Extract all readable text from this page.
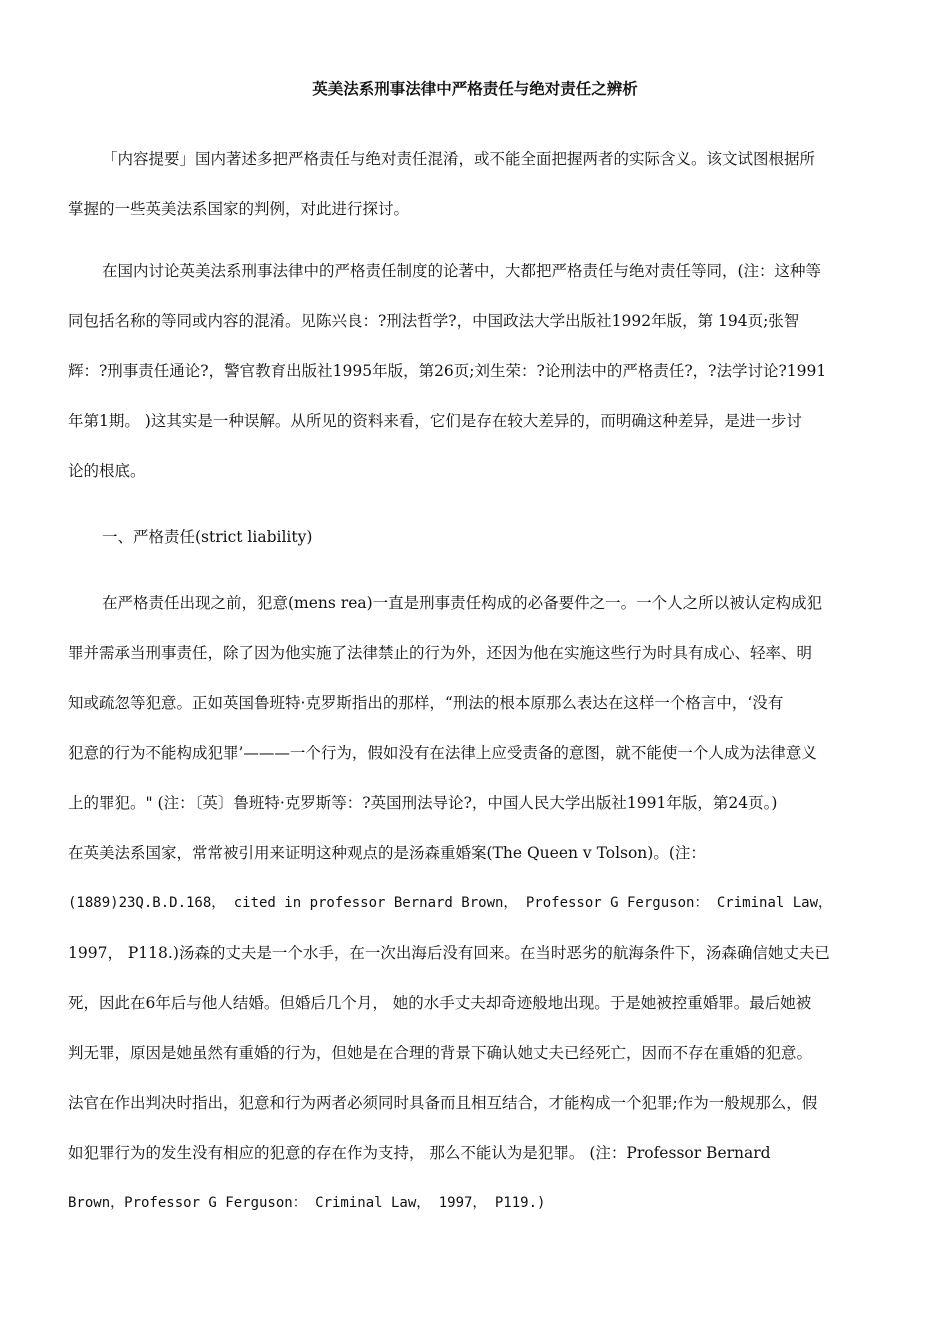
英美法系刑事法律中严格责任与绝对责任之辨析

「内容提要」国内著述多把严格责任与绝对责任混淆，或不能全面把握两者的实际含义。该文试图根据所
掌握的一些英美法系国家的判例，对此进行探讨。

在国内讨论英美法系刑事法律中的严格责任制度的论著中，大都把严格责任与绝对责任等同，(注：这种等
同包括名称的等同或内容的混淆。见陈兴良：?刑法哲学?，中国政法大学出版社1992年版，第 194页;张智
辉：?刑事责任通论?，警官教育出版社1995年版，第26页;刘生荣：?论刑法中的严格责任?，?法学讨论?1991
年第1期。 )这其实是一种误解。从所见的资料来看，它们是存在较大差异的，而明确这种差异，是进一步讨
论的根底。

一、严格责任(strict liability)

在严格责任出现之前，犯意(mens rea)一直是刑事责任构成的必备要件之一。一个人之所以被认定构成犯
罪并需承当刑事责任，除了因为他实施了法律禁止的行为外，还因为他在实施这些行为时具有成心、轻率、明
知或疏忽等犯意。正如英国鲁班特·克罗斯指出的那样，“刑法的根本原那么表达在这样一个格言中，‘没有
犯意的行为不能构成犯罪’———一个行为，假如没有在法律上应受责备的意图，就不能使一个人成为法律意义
上的罪犯。" (注：〔英〕鲁班特·克罗斯等：?英国刑法导论?，中国人民大学出版社1991年版，第24页。)
在英美法系国家，常常被引用来证明这种观点的是汤森重婚案(The Queen v Tolson)。(注：
(1889)23Q.B.D.168， cited in professor Bernard Brown， Professor G Ferguson： Criminal Law，
1997， P118.)汤森的丈夫是一个水手，在一次出海后没有回来。在当时恶劣的航海条件下，汤森确信她丈夫已
死，因此在6年后与他人结婚。但婚后几个月， 她的水手丈夫却奇迹般地出现。于是她被控重婚罪。最后她被
判无罪，原因是她虽然有重婚的行为，但她是在合理的背景下确认她丈夫已经死亡，因而不存在重婚的犯意。
法官在作出判决时指出，犯意和行为两者必须同时具备而且相互结合，才能构成一个犯罪;作为一般规那么，假
如犯罪行为的发生没有相应的犯意的存在作为支持， 那么不能认为是犯罪。 (注：Professor Bernard
Brown，Professor G Ferguson： Criminal Law， 1997， P119.)
